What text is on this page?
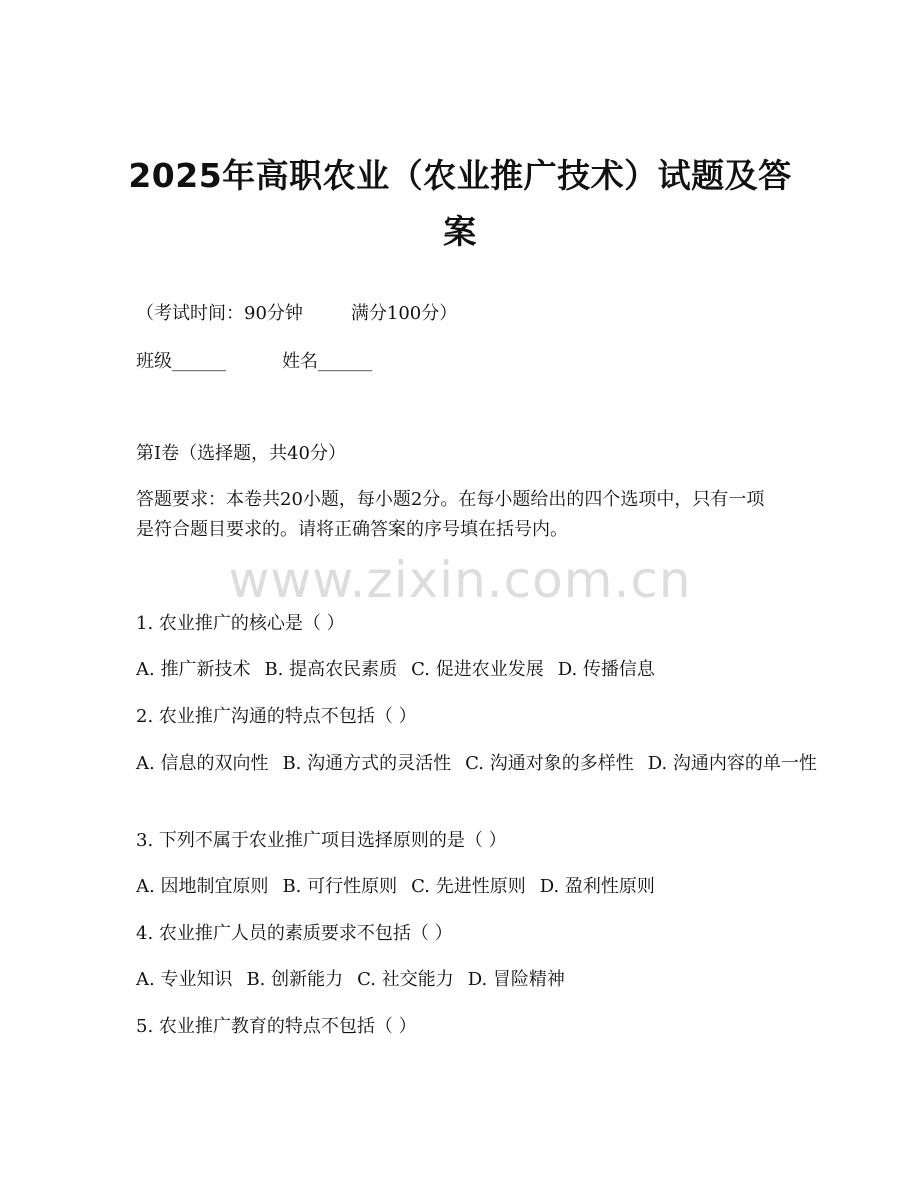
2025年高职农业（农业推广技术）试题及答案

（考试时间：90分钟	满分100分）

班级______	姓名______

第I卷（选择题，共40分）

答题要求：本卷共20小题，每小题2分。在每小题给出的四个选项中，只有一项是符合题目要求的。请将正确答案的序号填在括号内。

www.zixin.com.cn

1. 农业推广的核心是（ ）

A. 推广新技术 B. 提高农民素质 C. 促进农业发展 D. 传播信息

2. 农业推广沟通的特点不包括（ ）

A. 信息的双向性 B. 沟通方式的灵活性 C. 沟通对象的多样性 D. 沟通内容的单一性

3. 下列不属于农业推广项目选择原则的是（ ）

A. 因地制宜原则 B. 可行性原则 C. 先进性原则 D. 盈利性原则

4. 农业推广人员的素质要求不包括（ ）

A. 专业知识 B. 创新能力 C. 社交能力 D. 冒险精神

5. 农业推广教育的特点不包括（ ）
